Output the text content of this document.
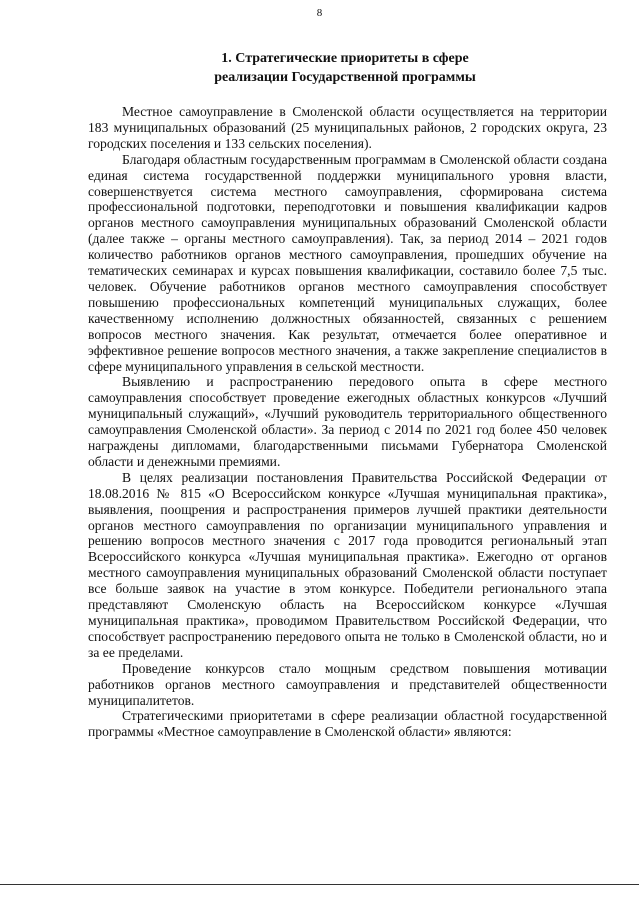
8
1. Стратегические приоритеты в сфере
реализации Государственной программы

Местное самоуправление в Смоленской области осуществляется на территории 183 муниципальных образований (25 муниципальных районов, 2 городских округа, 23 городских поселения и 133 сельских поселения).

Благодаря областным государственным программам в Смоленской области создана единая система государственной поддержки муниципального уровня власти, совершенствуется система местного самоуправления, сформирована система профессиональной подготовки, переподготовки и повышения квалификации кадров органов местного самоуправления муниципальных образований Смоленской области (далее также – органы местного самоуправления). Так, за период 2014 – 2021 годов количество работников органов местного самоуправления, прошедших обучение на тематических семинарах и курсах повышения квалификации, составило более 7,5 тыс. человек. Обучение работников органов местного самоуправления способствует повышению профессиональных компетенций муниципальных служащих, более качественному исполнению должностных обязанностей, связанных с решением вопросов местного значения. Как результат, отмечается более оперативное и эффективное решение вопросов местного значения, а также закрепление специалистов в сфере муниципального управления в сельской местности.

Выявлению и распространению передового опыта в сфере местного самоуправления способствует проведение ежегодных областных конкурсов «Лучший муниципальный служащий», «Лучший руководитель территориального общественного самоуправления Смоленской области». За период с 2014 по 2021 год более 450 человек награждены дипломами, благодарственными письмами Губернатора Смоленской области и денежными премиями.

В целях реализации постановления Правительства Российской Федерации от 18.08.2016 № 815 «О Всероссийском конкурсе «Лучшая муниципальная практика», выявления, поощрения и распространения примеров лучшей практики деятельности органов местного самоуправления по организации муниципального управления и решению вопросов местного значения с 2017 года проводится региональный этап Всероссийского конкурса «Лучшая муниципальная практика». Ежегодно от органов местного самоуправления муниципальных образований Смоленской области поступает все больше заявок на участие в этом конкурсе. Победители регионального этапа представляют Смоленскую область на Всероссийском конкурсе «Лучшая муниципальная практика», проводимом Правительством Российской Федерации, что способствует распространению передового опыта не только в Смоленской области, но и за ее пределами.

Проведение конкурсов стало мощным средством повышения мотивации работников органов местного самоуправления и представителей общественности муниципалитетов.

Стратегическими приоритетами в сфере реализации областной государственной программы «Местное самоуправление в Смоленской области» являются:
